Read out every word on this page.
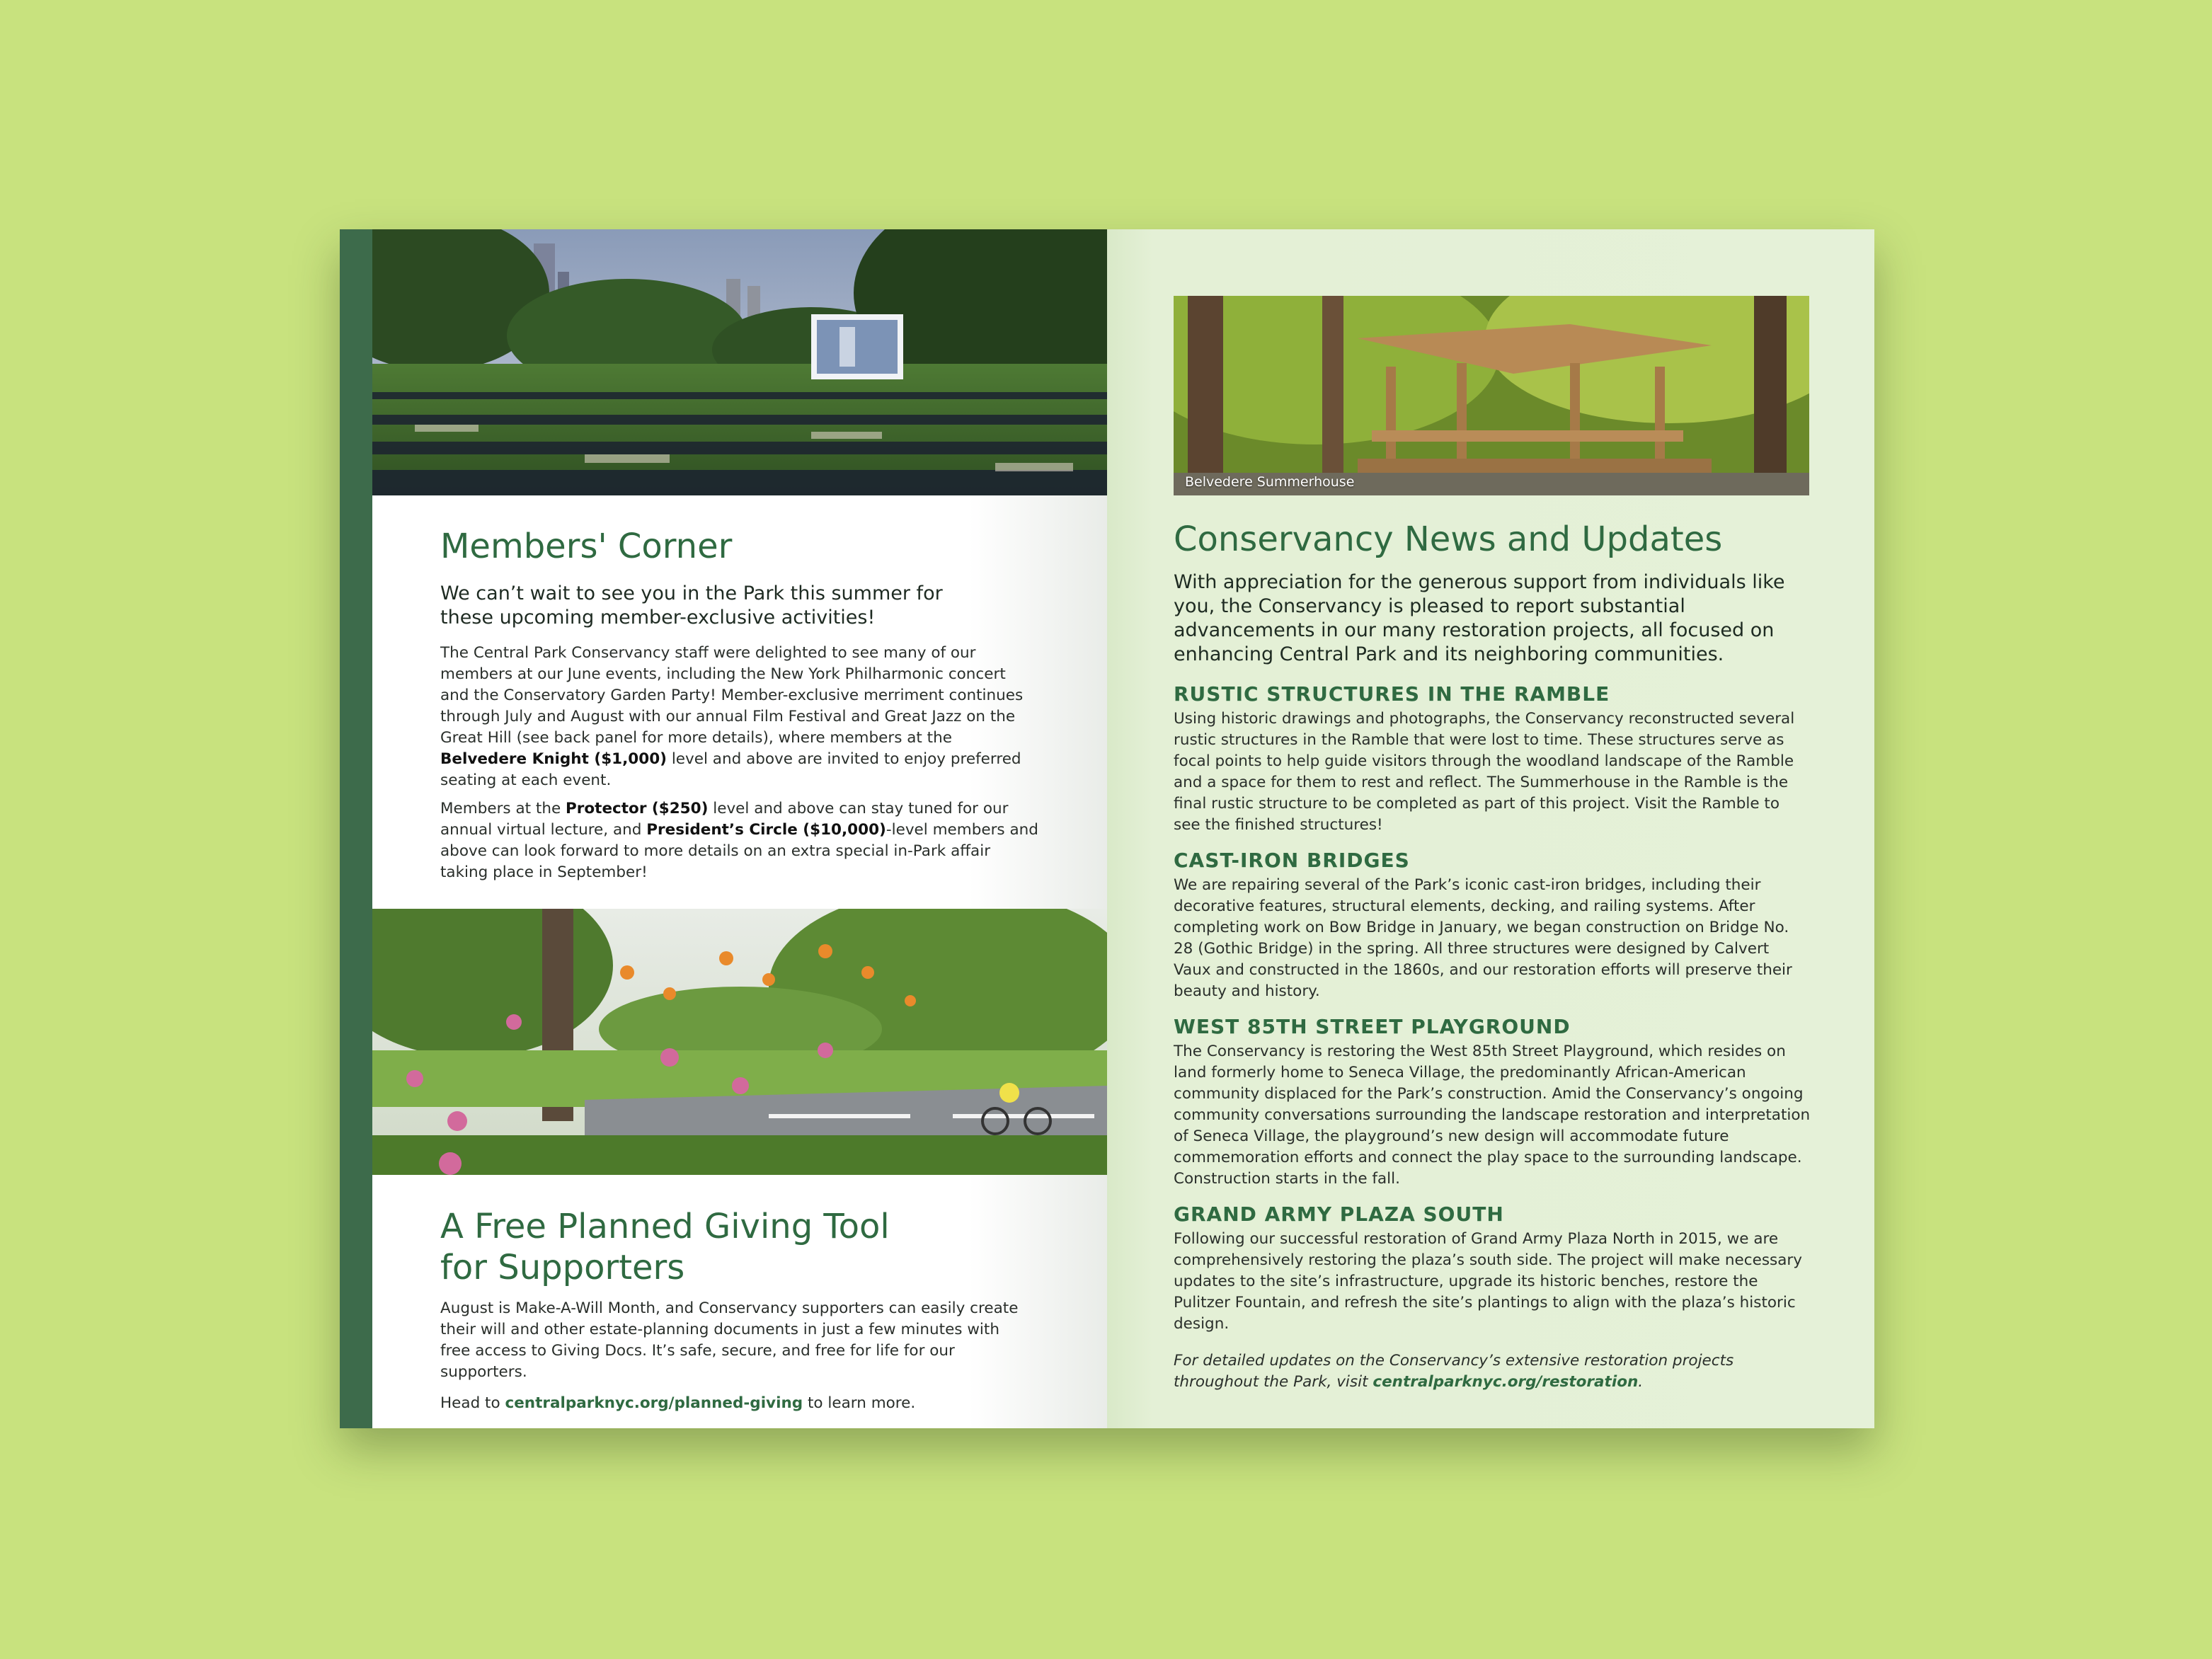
Members' Corner

We can’t wait to see you in the Park this summer for these upcoming member-exclusive activities!

The Central Park Conservancy staff were delighted to see many of our members at our June events, including the New York Philharmonic concert and the Conservatory Garden Party! Member-exclusive merriment continues through July and August with our annual Film Festival and Great Jazz on the Great Hill (see back panel for more details), where members at the Belvedere Knight ($1,000) level and above are invited to enjoy preferred seating at each event.

Members at the Protector ($250) level and above can stay tuned for our annual virtual lecture, and President’s Circle ($10,000)-level members and above can look forward to more details on an extra special in-Park affair taking place in September!

A Free Planned Giving Tool
for Supporters

August is Make-A-Will Month, and Conservancy supporters can easily create their will and other estate-planning documents in just a few minutes with free access to Giving Docs. It’s safe, secure, and free for life for our supporters.

Head to centralparknyc.org/planned-giving to learn more.

Belvedere Summerhouse
Conservancy News and Updates

With appreciation for the generous support from individuals like you, the Conservancy is pleased to report substantial advancements in our many restoration projects, all focused on enhancing Central Park and its neighboring communities.

RUSTIC STRUCTURES IN THE RAMBLE

Using historic drawings and photographs, the Conservancy reconstructed several rustic structures in the Ramble that were lost to time. These structures serve as focal points to help guide visitors through the woodland landscape of the Ramble and a space for them to rest and reflect. The Summerhouse in the Ramble is the final rustic structure to be completed as part of this project. Visit the Ramble to see the finished structures!

CAST-IRON BRIDGES

We are repairing several of the Park’s iconic cast-iron bridges, including their decorative features, structural elements, decking, and railing systems. After completing work on Bow Bridge in January, we began construction on Bridge No. 28 (Gothic Bridge) in the spring. All three structures were designed by Calvert Vaux and constructed in the 1860s, and our restoration efforts will preserve their beauty and history.

WEST 85TH STREET PLAYGROUND

The Conservancy is restoring the West 85th Street Playground, which resides on land formerly home to Seneca Village, the predominantly African-American community displaced for the Park’s construction. Amid the Conservancy’s ongoing community conversations surrounding the landscape restoration and interpretation of Seneca Village, the playground’s new design will accommodate future commemoration efforts and connect the play space to the surrounding landscape. Construction starts in the fall.

GRAND ARMY PLAZA SOUTH

Following our successful restoration of Grand Army Plaza North in 2015, we are comprehensively restoring the plaza’s south side. The project will make necessary updates to the site’s infrastructure, upgrade its historic benches, restore the Pulitzer Fountain, and refresh the site’s plantings to align with the plaza’s historic design.

For detailed updates on the Conservancy’s extensive restoration projects throughout the Park, visit centralparknyc.org/restoration.
